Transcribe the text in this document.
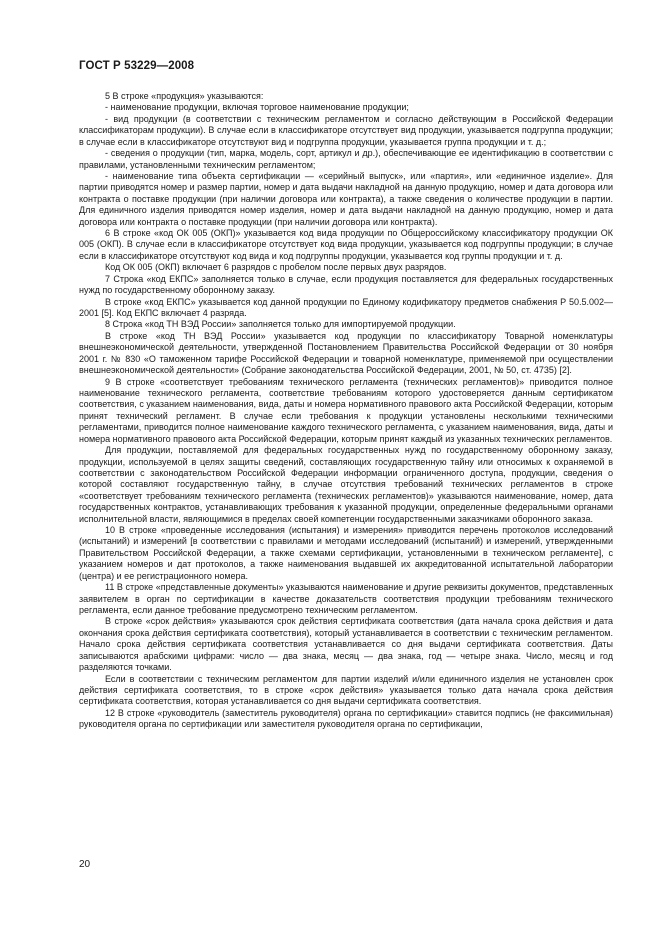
ГОСТ Р 53229—2008

5 В строке «продукция» указываются:

- наименование продукции, включая торговое наименование продукции;

- вид продукции (в соответствии с техническим регламентом и согласно действующим в Российской Федерации классификаторам продукции). В случае если в классификаторе отсутствует вид продукции, указывается подгруппа продукции; в случае если в классификаторе отсутствуют вид и подгруппа продукции, указывается группа продукции и т. д.;

- сведения о продукции (тип, марка, модель, сорт, артикул и др.), обеспечивающие ее идентификацию в соответствии с правилами, установленными техническим регламентом;

- наименование типа объекта сертификации — «серийный выпуск», или «партия», или «единичное изделие». Для партии приводятся номер и размер партии, номер и дата выдачи накладной на данную продукцию, номер и дата договора или контракта о поставке продукции (при наличии договора или контракта), а также сведения о количестве продукции в партии. Для единичного изделия приводятся номер изделия, номер и дата выдачи накладной на данную продукцию, номер и дата договора или контракта о поставке продукции (при наличии договора или контракта).

6 В строке «код ОК 005 (ОКП)» указывается код вида продукции по Общероссийскому классификатору продукции ОК 005 (ОКП). В случае если в классификаторе отсутствует код вида продукции, указывается код подгруппы продукции; в случае если в классификаторе отсутствуют код вида и код подгруппы продукции, указывается код группы продукции и т. д.

Код ОК 005 (ОКП) включает 6 разрядов с пробелом после первых двух разрядов.

7 Строка «код ЕКПС» заполняется только в случае, если продукция поставляется для федеральных государственных нужд по государственному оборонному заказу.

В строке «код ЕКПС» указывается код данной продукции по Единому кодификатору предметов снабжения Р 50.5.002—2001 [5]. Код ЕКПС включает 4 разряда.

8 Строка «код ТН ВЭД России» заполняется только для импортируемой продукции.

В строке «код ТН ВЭД России» указывается код продукции по классификатору Товарной номенклатуры внешнеэкономической деятельности, утвержденной Постановлением Правительства Российской Федерации от 30 ноября 2001 г. № 830 «О таможенном тарифе Российской Федерации и товарной номенклатуре, применяемой при осуществлении внешнеэкономической деятельности» (Собрание законодательства Российской Федерации, 2001, № 50, ст. 4735) [2].

9 В строке «соответствует требованиям технического регламента (технических регламентов)» приводится полное наименование технического регламента, соответствие требованиям которого удостоверяется данным сертификатом соответствия, с указанием наименования, вида, даты и номера нормативного правового акта Российской Федерации, которым принят технический регламент. В случае если требования к продукции установлены несколькими техническими регламентами, приводится полное наименование каждого технического регламента, с указанием наименования, вида, даты и номера нормативного правового акта Российской Федерации, которым принят каждый из указанных технических регламентов.

Для продукции, поставляемой для федеральных государственных нужд по государственному оборонному заказу, продукции, используемой в целях защиты сведений, составляющих государственную тайну или относимых к охраняемой в соответствии с законодательством Российской Федерации информации ограниченного доступа, продукции, сведения о которой составляют государственную тайну, в случае отсутствия требований технических регламентов в строке «соответствует требованиям технического регламента (технических регламентов)» указываются наименование, номер, дата государственных контрактов, устанавливающих требования к указанной продукции, определенные федеральными органами исполнительной власти, являющимися в пределах своей компетенции государственными заказчиками оборонного заказа.

10 В строке «проведенные исследования (испытания) и измерения» приводится перечень протоколов исследований (испытаний) и измерений [в соответствии с правилами и методами исследований (испытаний) и измерений, утвержденными Правительством Российской Федерации, а также схемами сертификации, установленными в техническом регламенте], с указанием номеров и дат протоколов, а также наименования выдавшей их аккредитованной испытательной лаборатории (центра) и ее регистрационного номера.

11 В строке «представленные документы» указываются наименование и другие реквизиты документов, представленных заявителем в орган по сертификации в качестве доказательств соответствия продукции требованиям технического регламента, если данное требование предусмотрено техническим регламентом.

В строке «срок действия» указываются срок действия сертификата соответствия (дата начала срока действия и дата окончания срока действия сертификата соответствия), который устанавливается в соответствии с техническим регламентом. Начало срока действия сертификата соответствия устанавливается со дня выдачи сертификата соответствия. Даты записываются арабскими цифрами: число — два знака, месяц — два знака, год — четыре знака. Число, месяц и год разделяются точками.

Если в соответствии с техническим регламентом для партии изделий и/или единичного изделия не установлен срок действия сертификата соответствия, то в строке «срок действия» указывается только дата начала срока действия сертификата соответствия, которая устанавливается со дня выдачи сертификата соответствия.

12 В строке «руководитель (заместитель руководителя) органа по сертификации» ставится подпись (не факсимильная) руководителя органа по сертификации или заместителя руководителя органа по сертификации,

20
